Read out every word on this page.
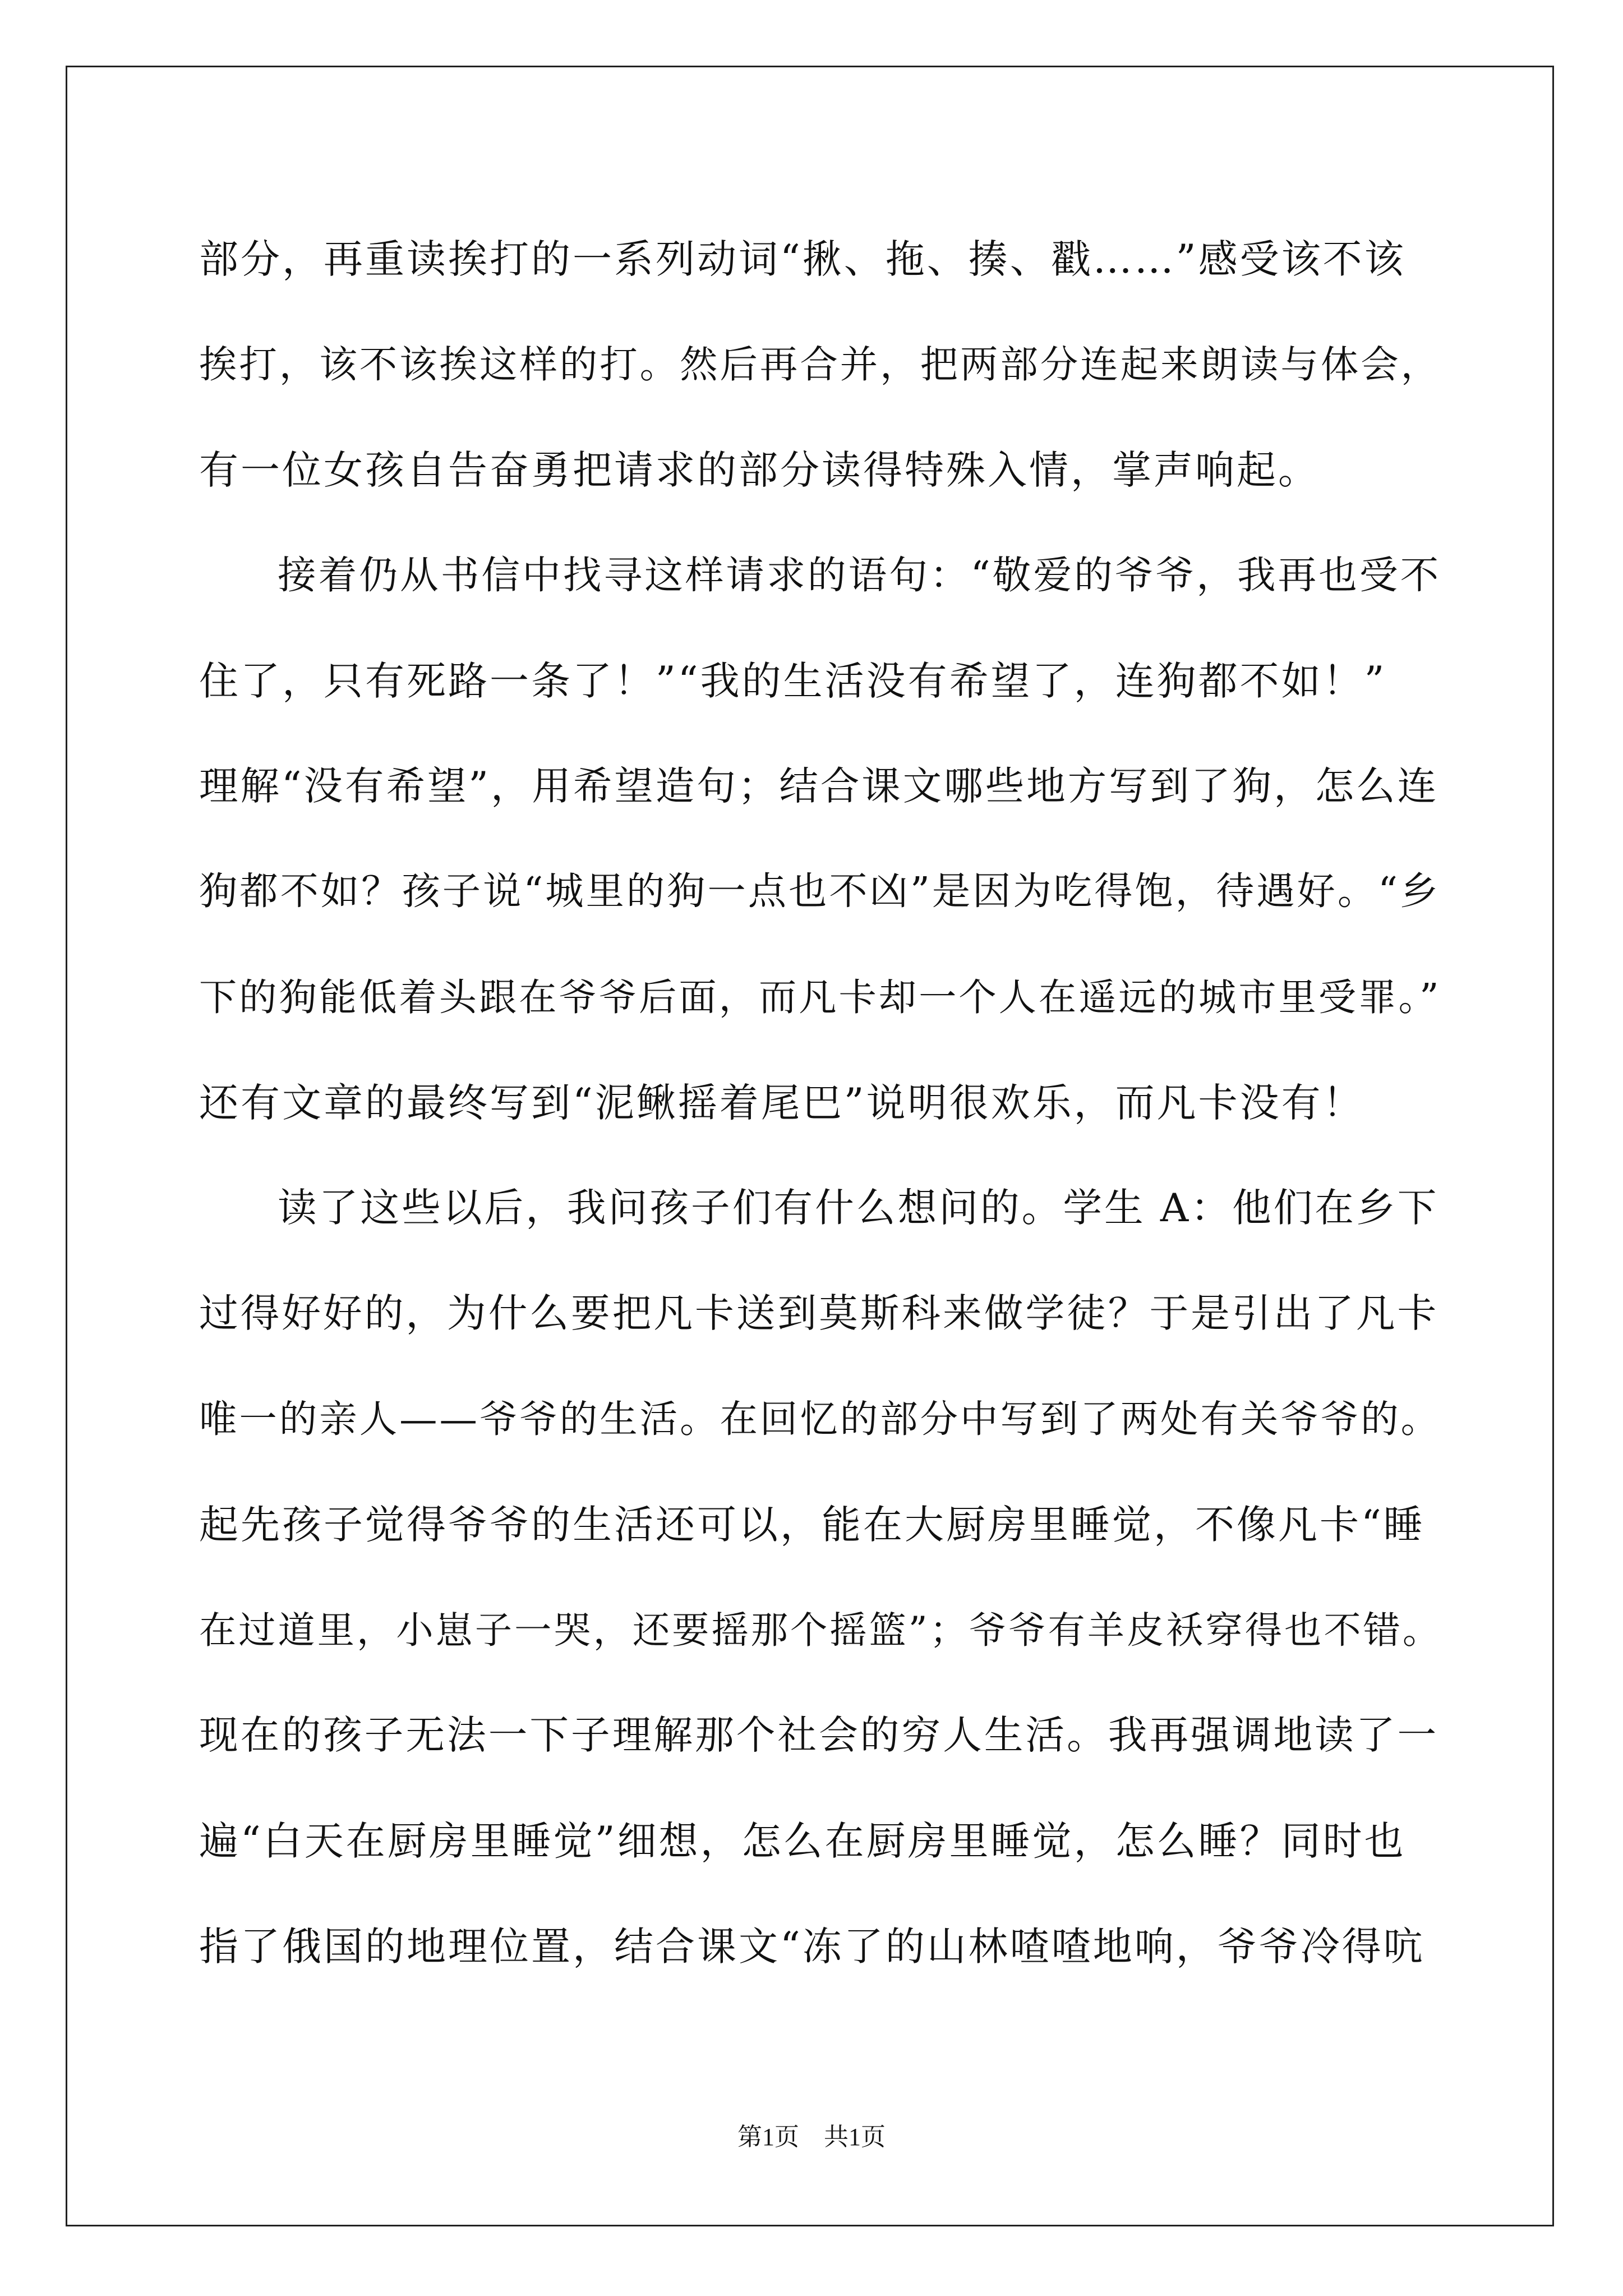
部分，再重读挨打的一系列动词“揪、拖、揍、戳……”感受该不该
挨打，该不该挨这样的打。然后再合并，把两部分连起来朗读与体会，
有一位女孩自告奋勇把请求的部分读得特殊入情，掌声响起。
接着仍从书信中找寻这样请求的语句：“敬爱的爷爷，我再也受不
住了，只有死路一条了！”“我的生活没有希望了，连狗都不如！”
理解“没有希望”，用希望造句；结合课文哪些地方写到了狗，怎么连
狗都不如？孩子说“城里的狗一点也不凶”是因为吃得饱，待遇好。“乡
下的狗能低着头跟在爷爷后面，而凡卡却一个人在遥远的城市里受罪。”
还有文章的最终写到“泥鳅摇着尾巴”说明很欢乐，而凡卡没有！
读了这些以后，我问孩子们有什么想问的。学生 A：他们在乡下
过得好好的，为什么要把凡卡送到莫斯科来做学徒？于是引出了凡卡
唯一的亲人——爷爷的生活。在回忆的部分中写到了两处有关爷爷的。
起先孩子觉得爷爷的生活还可以，能在大厨房里睡觉，不像凡卡“睡
在过道里，小崽子一哭，还要摇那个摇篮”；爷爷有羊皮袄穿得也不错。
现在的孩子无法一下子理解那个社会的穷人生活。我再强调地读了一
遍“白天在厨房里睡觉”细想，怎么在厨房里睡觉，怎么睡？同时也
指了俄国的地理位置，结合课文“冻了的山林喳喳地响，爷爷冷得吭
第1页 共1页
